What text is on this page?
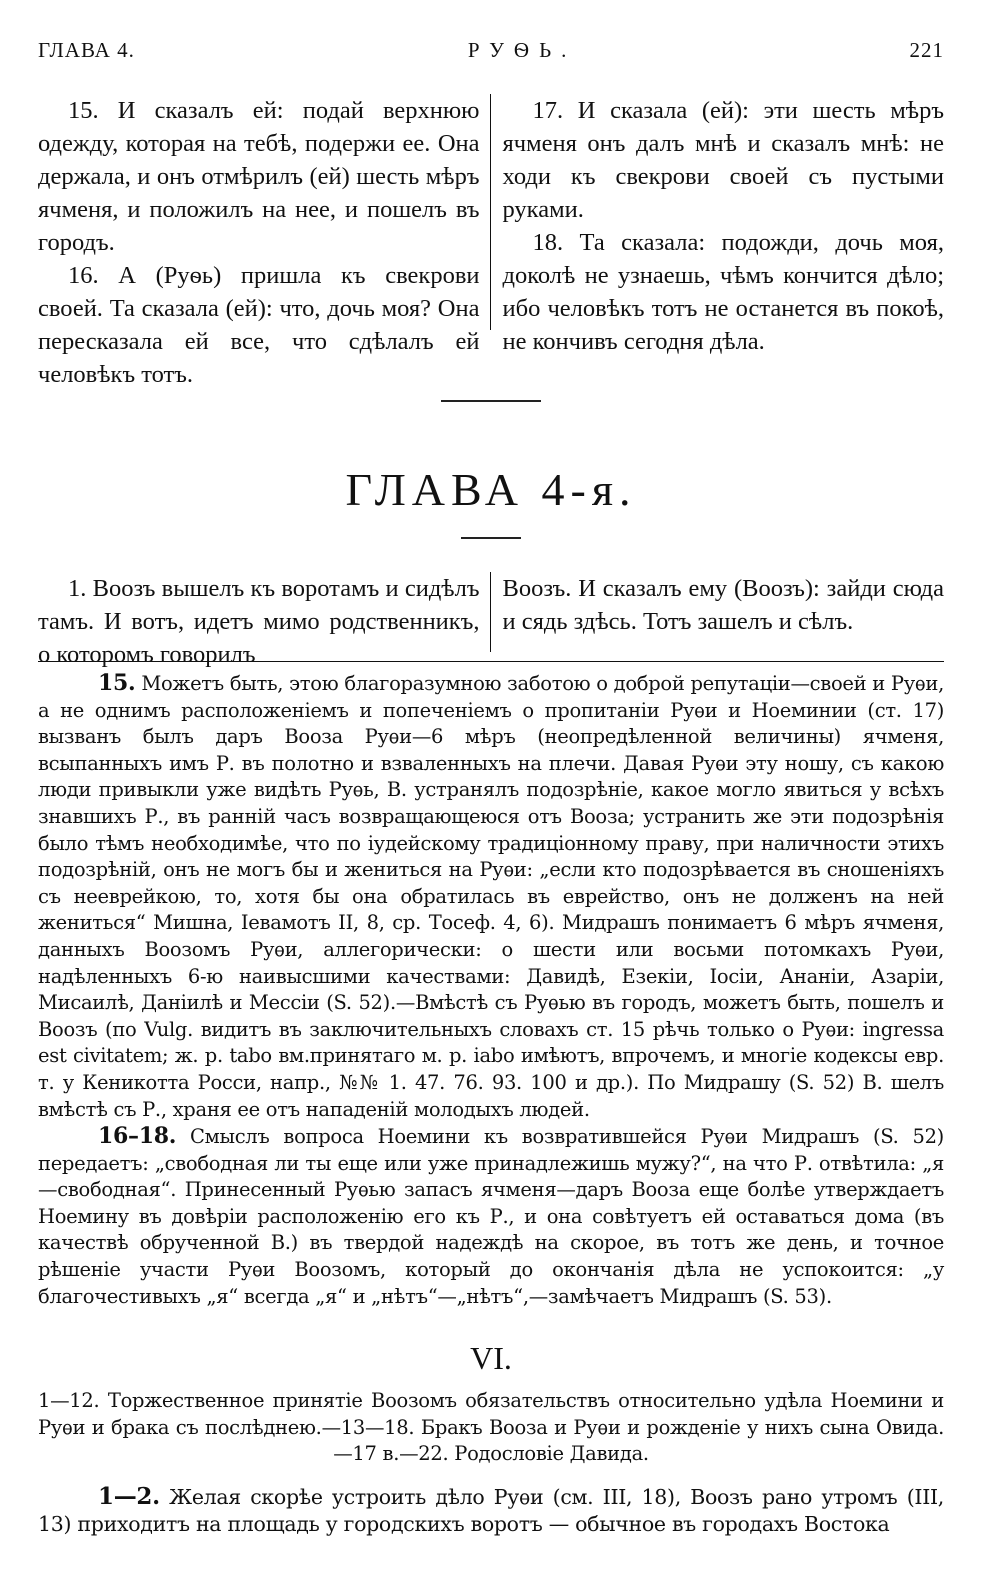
ГЛАВА 4.	РУѲЬ.	221

15. И сказалъ ей: подай верхнюю одежду, которая на тебѣ, подержи ее. Она держала, и онъ отмѣрилъ (ей) шесть мѣръ ячменя, и положилъ на нее, и пошелъ въ городъ.

16. А (Руѳь) пришла къ свекрови своей. Та сказала (ей): что, дочь моя? Она пересказала ей все, что сдѣлалъ ей человѣкъ тотъ.

17. И сказала (ей): эти шесть мѣръ ячменя онъ далъ мнѣ и сказалъ мнѣ: не ходи къ свекрови своей съ пустыми руками.

18. Та сказала: подожди, дочь моя, доколѣ не узнаешь, чѣмъ кончится дѣло; ибо человѣкъ тотъ не останется въ покоѣ, не кончивъ сегодня дѣла.

ГЛАВА 4-я.

1. Воозъ вышелъ къ воротамъ и сидѣлъ тамъ. И вотъ, идетъ мимо родственникъ, о которомъ говорилъ

Воозъ. И сказалъ ему (Воозъ): зайди сюда и сядь здѣсь. Тотъ зашелъ и сѣлъ.

15. Можетъ быть, этою благоразумною заботою о доброй репутаціи—своей и Руѳи, а не однимъ расположеніемъ и попеченіемъ о пропитаніи Руѳи и Ноеминии (ст. 17) вызванъ былъ даръ Вооза Руѳи—6 мѣръ (неопредѣленной величины) ячменя, всыпанныхъ имъ Р. въ полотно и взваленныхъ на плечи. Давая Руѳи эту ношу, съ какою люди привыкли уже видѣть Руѳь, В. устранялъ подозрѣніе, какое могло явиться у всѣхъ знавшихъ Р., въ ранній часъ возвращающеюся отъ Вооза; устранить же эти подозрѣнія было тѣмъ необходимѣе, что по іудейскому традиціонному праву, при наличности этихъ подозрѣній, онъ не могъ бы и жениться на Руѳи: „если кто подозрѣвается въ сношеніяхъ съ нееврейкою, то, хотя бы она обратилась въ еврейство, онъ не долженъ на ней жениться“ Мишна, Іевамотъ II, 8, ср. Тосеф. 4, 6). Мидрашъ понимаетъ 6 мѣръ ячменя, данныхъ Воозомъ Руѳи, аллегорически: о шести или восьми потомкахъ Руѳи, надѣленныхъ 6-ю наивысшими качествами: Давидѣ, Езекіи, Іосіи, Ананіи, Азаріи, Мисаилѣ, Даніилѣ и Мессіи (S. 52).—Вмѣстѣ съ Руѳью въ городъ, можетъ быть, пошелъ и Воозъ (по Vulg. видитъ въ заключительныхъ словахъ ст. 15 рѣчь только о Руѳи: ingressa est civitatem; ж. р. tabo вм.принятаго м. р. iabo имѣютъ, впрочемъ, и многіе кодексы евр. т. у Кеникотта Росси, напр., №№ 1. 47. 76. 93. 100 и др.). По Мидрашу (S. 52) В. шелъ вмѣстѣ съ Р., храня ее отъ нападеній молодыхъ людей.

16–18. Смыслъ вопроса Ноемини къ возвратившейся Руѳи Мидрашъ (S. 52) передаетъ: „свободная ли ты еще или уже принадлежишь мужу?“, на что Р. отвѣтила: „я—свободная“. Принесенный Руѳью запасъ ячменя—даръ Вооза еще болѣе утверждаетъ Ноемину въ довѣріи расположенію его къ Р., и она совѣтуетъ ей оставаться дома (въ качествѣ обрученной В.) въ твердой надеждѣ на скорое, въ тотъ же день, и точное рѣшеніе участи Руѳи Воозомъ, который до окончанія дѣла не успокоится: „у благочестивыхъ „я“ всегда „я“ и „нѣтъ“—„нѣтъ“,—замѣчаетъ Мидрашъ (S. 53).

VI.

1—12. Торжественное принятіе Воозомъ обязательствъ относительно удѣла Ноемини и Руѳи и брака съ послѣднею.—13—18. Бракъ Вооза и Руѳи и рожденіе у нихъ сына Овида.—17 в.—22. Родословіе Давида.

1—2. Желая скорѣе устроить дѣло Руѳи (см. III, 18), Воозъ рано утромъ (III, 13) приходитъ на площадь у городскихъ воротъ — обычное въ городахъ Востока
